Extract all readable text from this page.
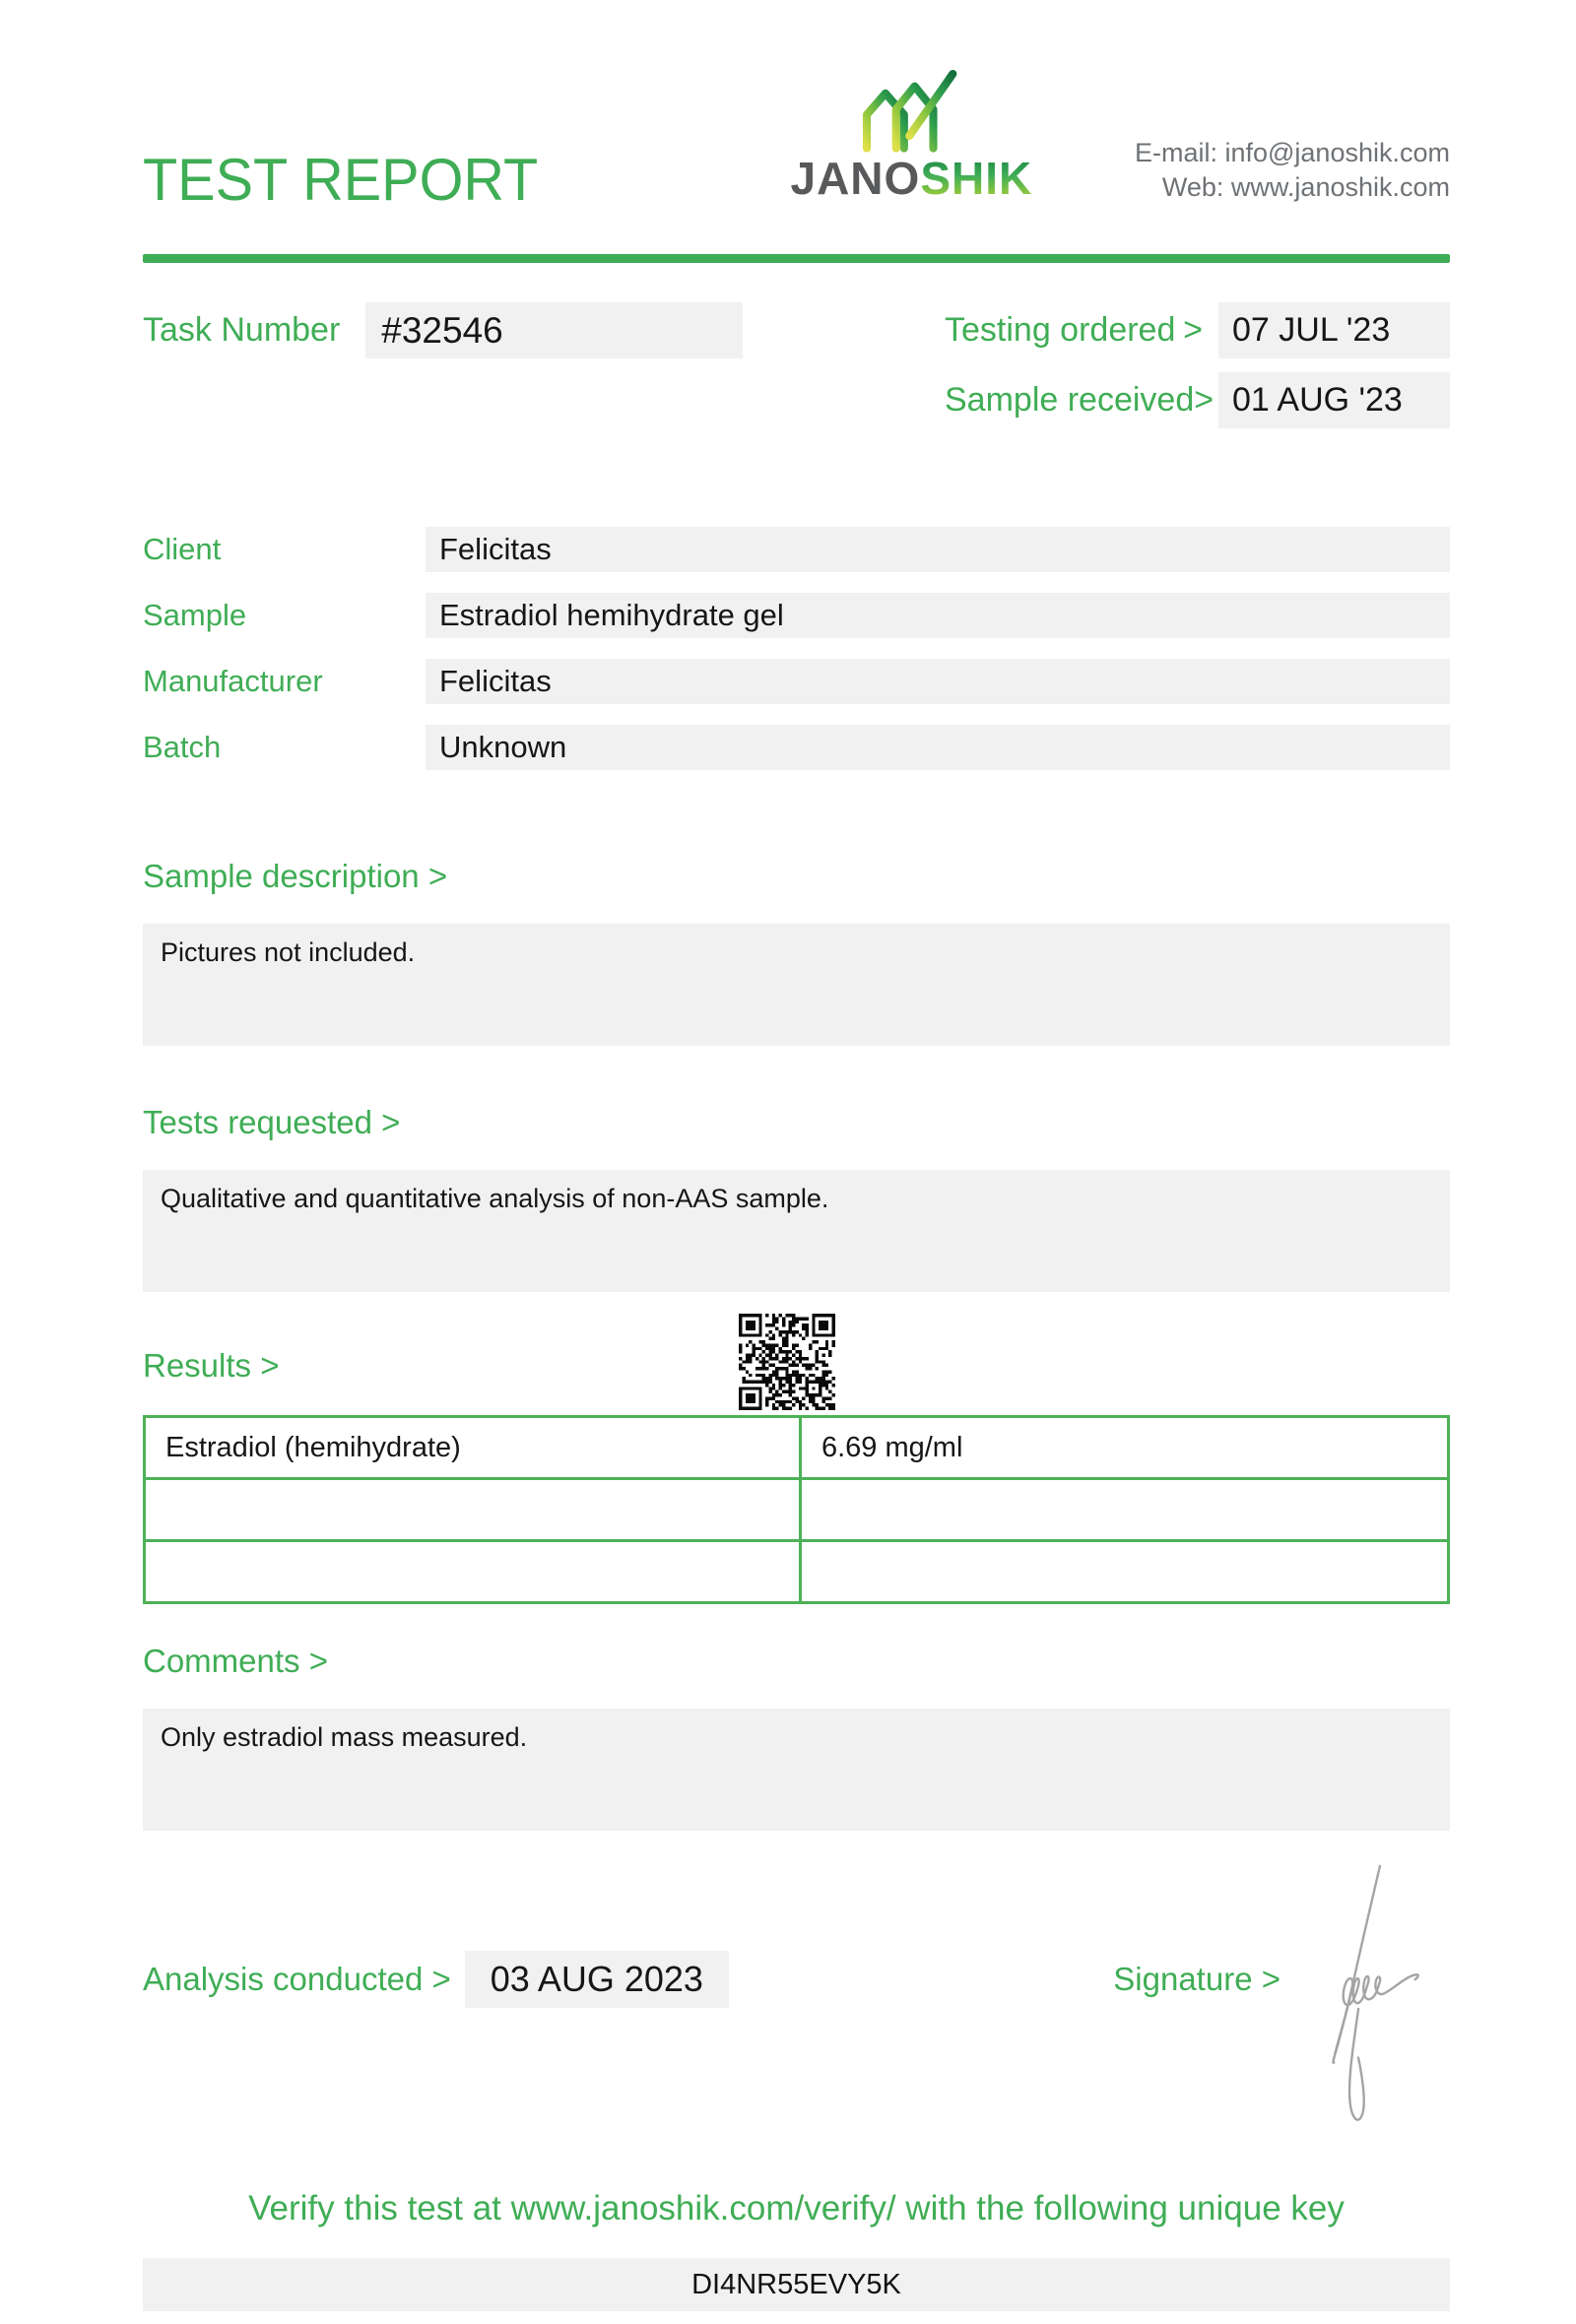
TEST REPORT	JANOSHIK	E-mail: info@janoshik.com
Web: www.janoshik.com
Task Number	#32546	Testing ordered > 07 JUL '23
Sample received > 01 AUG '23
Client	Felicitas
Sample	Estradiol hemihydrate gel
Manufacturer	Felicitas
Batch	Unknown
Sample description >
Pictures not included.
Tests requested >
Qualitative and quantitative analysis of non-AAS sample.
Results >
Estradiol (hemihydrate)	6.69 mg/ml

Comments >
Only estradiol mass measured.
Analysis conducted >	03 AUG 2023	Signature >
Verify this test at www.janoshik.com/verify/ with the following unique key
DI4NR55EVY5K
